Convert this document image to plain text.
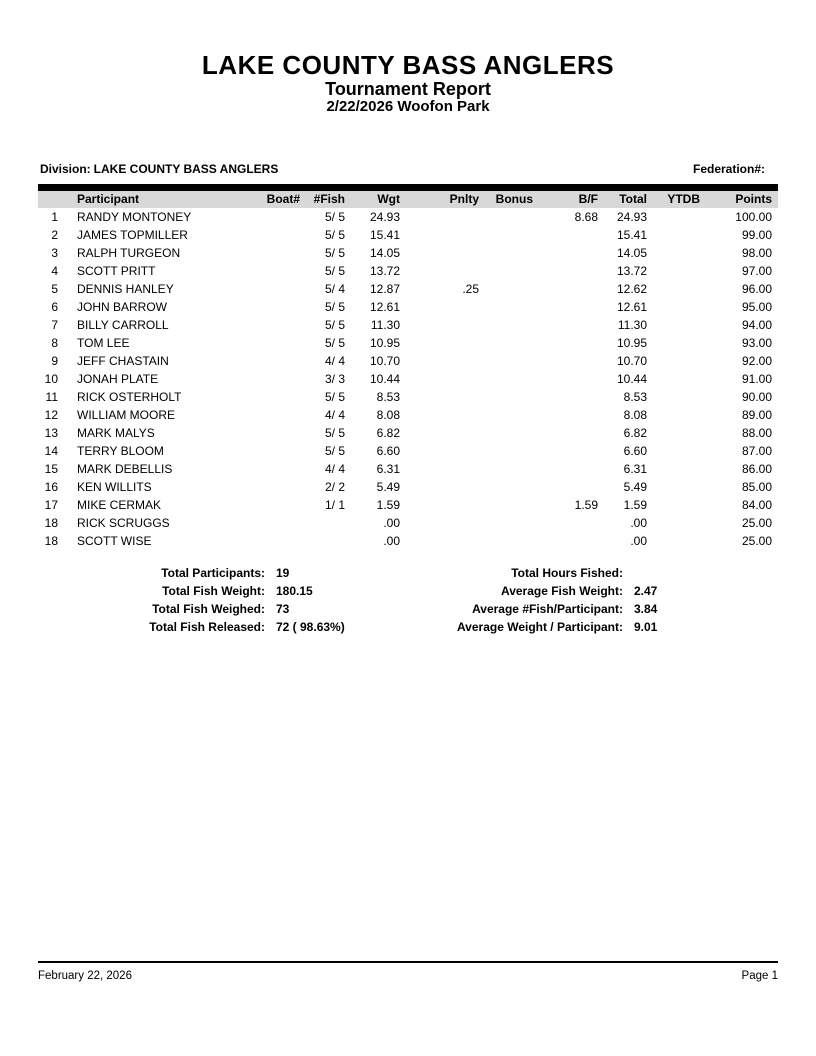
LAKE COUNTY BASS ANGLERS
Tournament Report
2/22/2026 Woofon Park
Division: LAKE COUNTY BASS ANGLERS	Federation#:
	Participant	Boat#	#Fish	Wgt	Pnlty	Bonus	B/F	Total	YTDB	Points
1	RANDY MONTONEY		5/ 5	24.93			8.68	24.93		100.00
2	JAMES TOPMILLER		5/ 5	15.41				15.41		99.00
3	RALPH TURGEON		5/ 5	14.05				14.05		98.00
4	SCOTT PRITT		5/ 5	13.72				13.72		97.00
5	DENNIS HANLEY		5/ 4	12.87	.25			12.62		96.00
6	JOHN BARROW		5/ 5	12.61				12.61		95.00
7	BILLY CARROLL		5/ 5	11.30				11.30		94.00
8	TOM LEE		5/ 5	10.95				10.95		93.00
9	JEFF CHASTAIN		4/ 4	10.70				10.70		92.00
10	JONAH PLATE		3/ 3	10.44				10.44		91.00
11	RICK OSTERHOLT		5/ 5	8.53				8.53		90.00
12	WILLIAM MOORE		4/ 4	8.08				8.08		89.00
13	MARK MALYS		5/ 5	6.82				6.82		88.00
14	TERRY BLOOM		5/ 5	6.60				6.60		87.00
15	MARK DEBELLIS		4/ 4	6.31				6.31		86.00
16	KEN WILLITS		2/ 2	5.49				5.49		85.00
17	MIKE CERMAK		1/ 1	1.59			1.59	1.59		84.00
18	RICK SCRUGGS			.00				.00		25.00
18	SCOTT WISE			.00				.00		25.00
Total Participants: 19
Total Fish Weight: 180.15
Total Fish Weighed: 73
Total Fish Released: 72 ( 98.63%)
Total Hours Fished:
Average Fish Weight: 2.47
Average #Fish/Participant: 3.84
Average Weight / Participant: 9.01
February 22, 2026	Page 1
